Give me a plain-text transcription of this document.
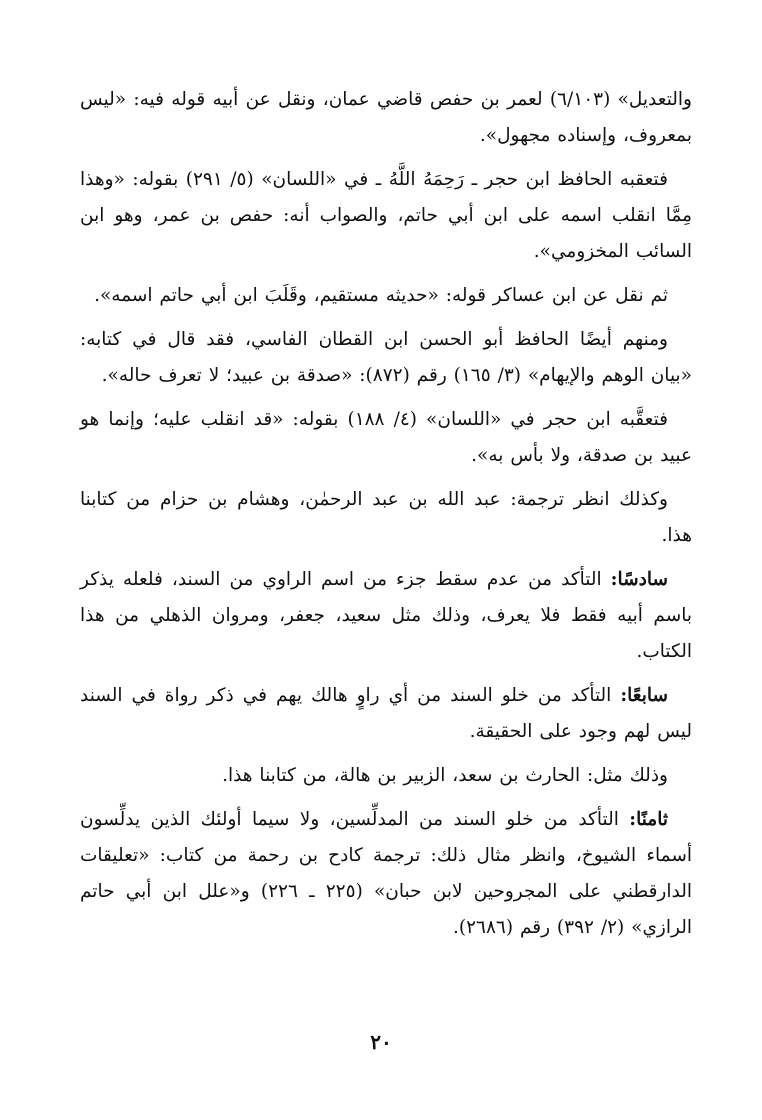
والتعديل» (٦/١٠٣) لعمر بن حفص قاضي عمان، ونقل عن أبيه قوله فيه: «ليس بمعروف، وإسناده مجهول».

فتعقبه الحافظ ابن حجر ـ رَحِمَهُ اللَّهُ ـ في «اللسان» (٥/ ٢٩١) بقوله: «وهذا مِمَّا انقلب اسمه على ابن أبي حاتم، والصواب أنه: حفص بن عمر، وهو ابن السائب المخزومي».

ثم نقل عن ابن عساكر قوله: «حديثه مستقيم، وقَلَبَ ابن أبي حاتم اسمه».

ومنهم أيضًا الحافظ أبو الحسن ابن القطان الفاسي، فقد قال في كتابه: «بيان الوهم والإيهام» (٣/ ١٦٥) رقم (٨٧٢): «صدقة بن عبيد؛ لا تعرف حاله».

فتعقَّبه ابن حجر في «اللسان» (٤/ ١٨٨) بقوله: «قد انقلب عليه؛ وإنما هو عبيد بن صدقة، ولا بأس به».

وكذلك انظر ترجمة: عبد الله بن عبد الرحمٰن، وهشام بن حزام من كتابنا هذا.

سادسًا: التأكد من عدم سقط جزء من اسم الراوي من السند، فلعله يذكر باسم أبيه فقط فلا يعرف، وذلك مثل سعيد، جعفر، ومروان الذهلي من هذا الكتاب.

سابعًا: التأكد من خلو السند من أي راوٍ هالك يهم في ذكر رواة في السند ليس لهم وجود على الحقيقة.

وذلك مثل: الحارث بن سعد، الزبير بن هالة، من كتابنا هذا.

ثامنًا: التأكد من خلو السند من المدلِّسين، ولا سيما أولئك الذين يدلِّسون أسماء الشيوخ، وانظر مثال ذلك: ترجمة كادح بن رحمة من كتاب: «تعليقات الدارقطني على المجروحين لابن حبان» (٢٢٥ ـ ٢٢٦) و«علل ابن أبي حاتم الرازي» (٢/ ٣٩٢) رقم (٢٦٨٦).

٢٠
